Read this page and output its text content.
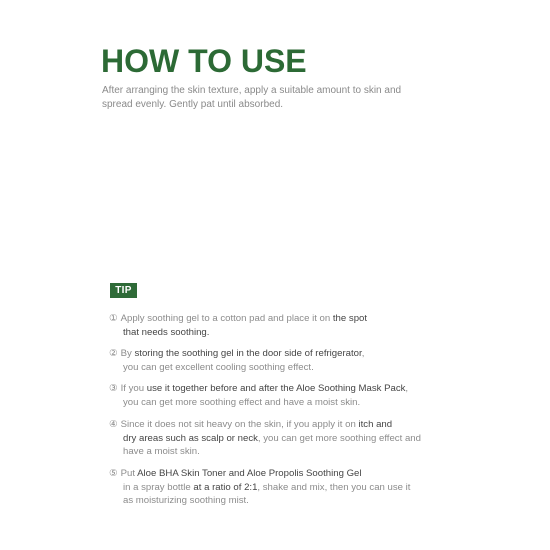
HOW TO USE
After arranging the skin texture, apply a suitable amount to skin and
spread evenly. Gently pat until absorbed.
TIP
① Apply soothing gel to a cotton pad and place it on the spot
that needs soothing.
② By storing the soothing gel in the door side of refrigerator,
you can get excellent cooling soothing effect.
③ If you use it together before and after the Aloe Soothing Mask Pack,
you can get more soothing effect and have a moist skin.
④ Since it does not sit heavy on the skin, if you apply it on itch and
dry areas such as scalp or neck, you can get more soothing effect and
have a moist skin.
⑤ Put Aloe BHA Skin Toner and Aloe Propolis Soothing Gel
in a spray bottle at a ratio of 2:1, shake and mix, then you can use it
as moisturizing soothing mist.
